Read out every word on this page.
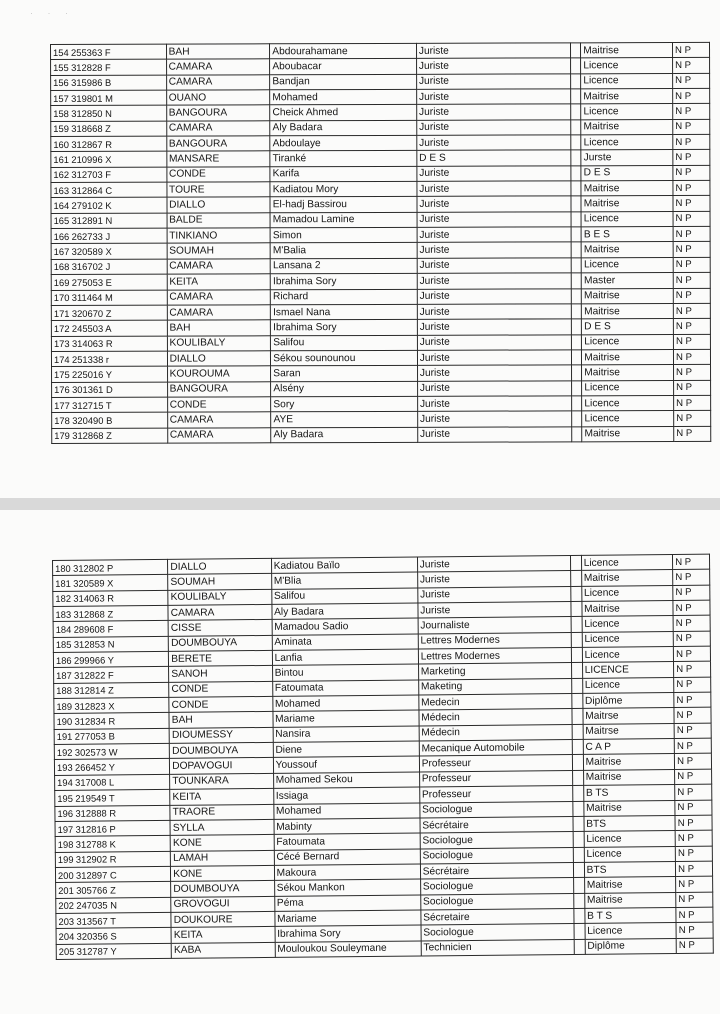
· · ·
154 255363 F	BAH	Abdourahamane	Juriste		Maitrise	N P
155 312828 F	CAMARA	Aboubacar	Juriste		Licence	N P
156 315986 B	CAMARA	Bandjan	Juriste		Licence	N P
157 319801 M	OUANO	Mohamed	Juriste		Maitrise	N P
158 312850 N	BANGOURA	Cheick Ahmed	Juriste		Licence	N P
159 318668 Z	CAMARA	Aly Badara	Juriste		Maitrise	N P
160 312867 R	BANGOURA	Abdoulaye	Juriste		Licence	N P
161 210996 X	MANSARE	Tiranké	D E S		Jurste	N P
162 312703 F	CONDE	Karifa	Juriste		D E S	N P
163 312864 C	TOURE	Kadiatou Mory	Juriste		Maitrise	N P
164 279102 K	DIALLO	El-hadj Bassirou	Juriste		Maitrise	N P
165 312891 N	BALDE	Mamadou Lamine	Juriste		Licence	N P
166 262733 J	TINKIANO	Simon	Juriste		B E S	N P
167 320589 X	SOUMAH	M'Balia	Juriste		Maitrise	N P
168 316702 J	CAMARA	Lansana 2	Juriste		Licence	N P
169 275053 E	KEITA	Ibrahima Sory	Juriste		Master	N P
170 311464 M	CAMARA	Richard	Juriste		Maitrise	N P
171 320670 Z	CAMARA	Ismael Nana	Juriste		Maitrise	N P
172 245503 A	BAH	Ibrahima Sory	Juriste		D E S	N P
173 314063 R	KOULIBALY	Salifou	Juriste		Licence	N P
174 251338 r	DIALLO	Sékou sounounou	Juriste		Maitrise	N P
175 225016 Y	KOUROUMA	Saran	Juriste		Maitrise	N P
176 301361 D	BANGOURA	Alsény	Juriste		Licence	N P
177 312715 T	CONDE	Sory	Juriste		Licence	N P
178 320490 B	CAMARA	AYE	Juriste		Licence	N P
179 312868 Z	CAMARA	Aly Badara	Juriste		Maitrise	N P
180 312802 P	DIALLO	Kadiatou Baïlo	Juriste		Licence	N P
181 320589 X	SOUMAH	M'Blia	Juriste		Maitrise	N P
182 314063 R	KOULIBALY	Salifou	Juriste		Licence	N P
183 312868 Z	CAMARA	Aly Badara	Juriste		Maitrise	N P
184 289608 F	CISSE	Mamadou Sadio	Journaliste		Licence	N P
185 312853 N	DOUMBOUYA	Aminata	Lettres Modernes		Licence	N P
186 299966 Y	BERETE	Lanfia	Lettres Modernes		Licence	N P
187 312822 F	SANOH	Bintou	Marketing		LICENCE	N P
188 312814 Z	CONDE	Fatoumata	Maketing		Licence	N P
189 312823 X	CONDE	Mohamed	Medecin		Diplôme	N P
190 312834 R	BAH	Mariame	Médecin		Maitrse	N P
191 277053 B	DIOUMESSY	Nansira	Médecin		Maitrse	N P
192 302573 W	DOUMBOUYA	Diene	Mecanique Automobile		C A P	N P
193 266452 Y	DOPAVOGUI	Youssouf	Professeur		Maitrise	N P
194 317008 L	TOUNKARA	Mohamed Sekou	Professeur		Maitrise	N P
195 219549 T	KEITA	Issiaga	Professeur		B TS	N P
196 312888 R	TRAORE	Mohamed	Sociologue		Maitrise	N P
197 312816 P	SYLLA	Mabinty	Sécrétaire		BTS	N P
198 312788 K	KONE	Fatoumata	Sociologue		Licence	N P
199 312902 R	LAMAH	Cécé Bernard	Sociologue		Licence	N P
200 312897 C	KONE	Makoura	Sécrétaire		BTS	N P
201 305766 Z	DOUMBOUYA	Sékou Mankon	Sociologue		Maitrise	N P
202 247035 N	GROVOGUI	Péma	Sociologue		Maitrise	N P
203 313567 T	DOUKOURE	Mariame	Sécretaire		B T S	N P
204 320356 S	KEITA	Ibrahima Sory	Sociologue		Licence	N P
205 312787 Y	KABA	Mouloukou Souleymane	Technicien		Diplôme	N P
